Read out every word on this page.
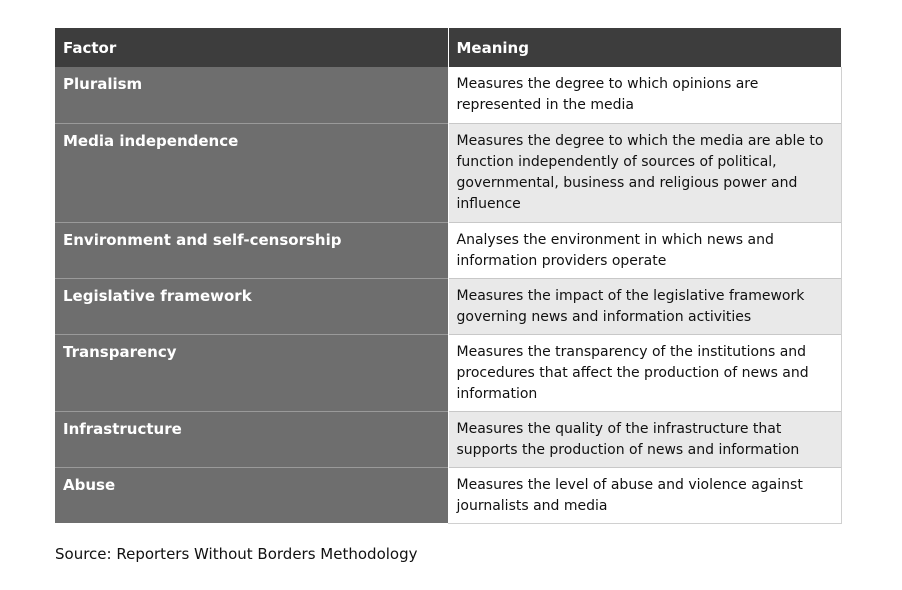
Factor	Meaning
Pluralism	Measures the degree to which opinions are represented in the media
Media independence	Measures the degree to which the media are able to function independently of sources of political, governmental, business and religious power and influence
Environment and self-censorship	Analyses the environment in which news and information providers operate
Legislative framework	Measures the impact of the legislative framework governing news and information activities
Transparency	Measures the transparency of the institutions and procedures that affect the production of news and information
Infrastructure	Measures the quality of the infrastructure that supports the production of news and information
Abuse	Measures the level of abuse and violence against journalists and media
Source: Reporters Without Borders Methodology
